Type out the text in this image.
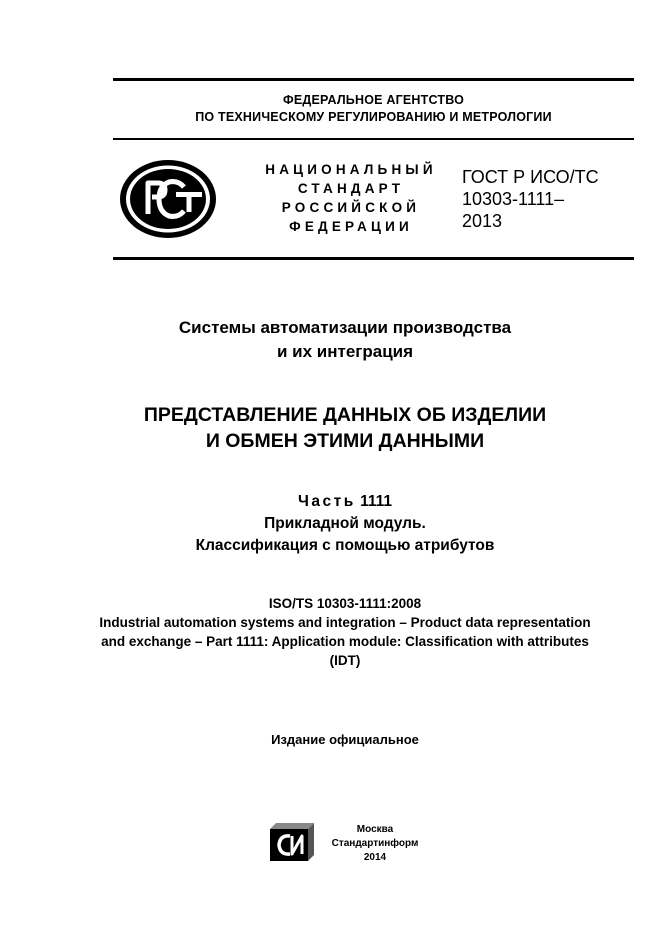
ФЕДЕРАЛЬНОЕ АГЕНТСТВО
ПО ТЕХНИЧЕСКОМУ РЕГУЛИРОВАНИЮ И МЕТРОЛОГИИ
НАЦИОНАЛЬНЫЙ
СТАНДАРТ
РОССИЙСКОЙ
ФЕДЕРАЦИИ
ГОСТ Р ИСО/ТС
10303-1111–
2013
Системы автоматизации производства
и их интеграция
ПРЕДСТАВЛЕНИЕ ДАННЫХ ОБ ИЗДЕЛИИ
И ОБМЕН ЭТИМИ ДАННЫМИ
Часть 1111
Прикладной модуль.
Классификация с помощью атрибутов
ISO/TS 10303-1111:2008
Industrial automation systems and integration – Product data representation
and exchange – Part 1111: Application module: Classification with attributes
(IDT)
Издание официальное
Москва
Стандартинформ
2014
